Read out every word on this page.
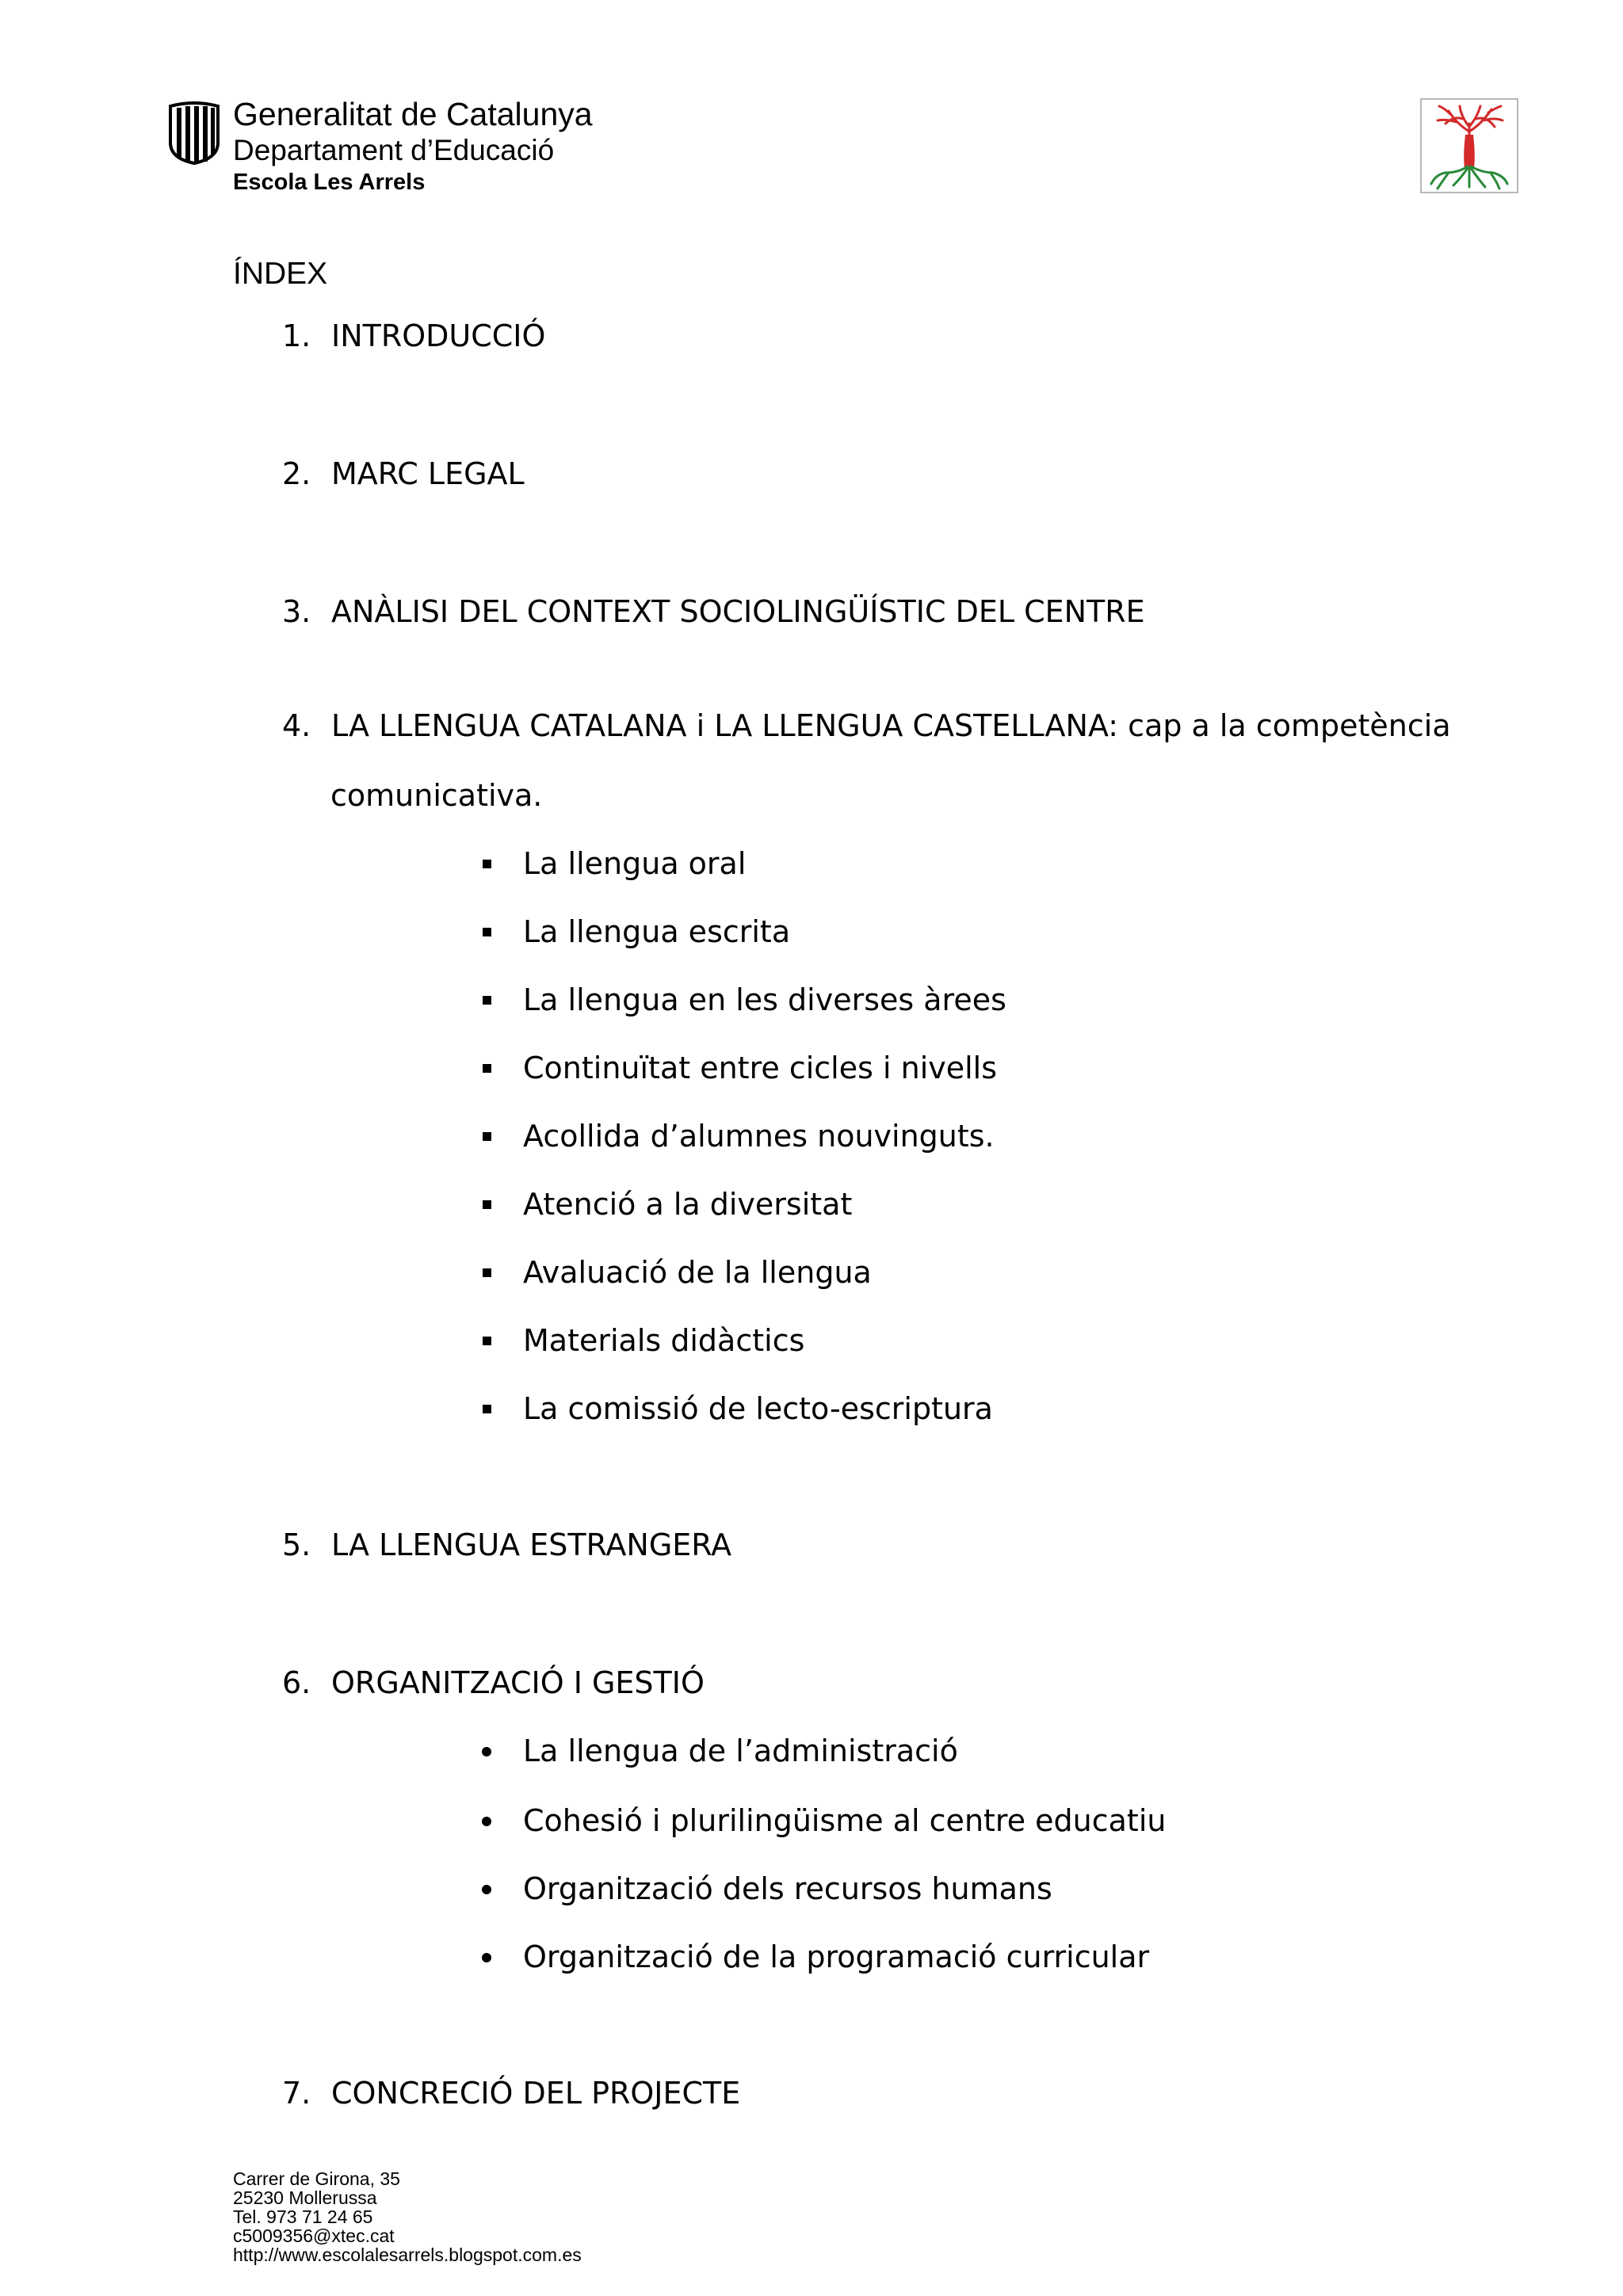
Generalitat de Catalunya
Departament d’Educació
Escola Les Arrels
ÍNDEX
1. INTRODUCCIÓ
2. MARC LEGAL
3. ANÀLISI DEL CONTEXT SOCIOLINGÜÍSTIC DEL CENTRE
4. LA LLENGUA CATALANA i LA LLENGUA CASTELLANA: cap a la competència
comunicativa.
La llengua oral
La llengua escrita
La llengua en les diverses àrees
Continuïtat entre cicles i nivells
Acollida d’alumnes nouvinguts.
Atenció a la diversitat
Avaluació de la llengua
Materials didàctics
La comissió de lecto-escriptura
5. LA LLENGUA ESTRANGERA
6. ORGANITZACIÓ I GESTIÓ
La llengua de l’administració
Cohesió i plurilingüisme al centre educatiu
Organització dels recursos humans
Organització de la programació curricular
7. CONCRECIÓ DEL PROJECTE
Carrer de Girona, 35
25230 Mollerussa
Tel. 973 71 24 65
c5009356@xtec.cat
http://www.escolalesarrels.blogspot.com.es
